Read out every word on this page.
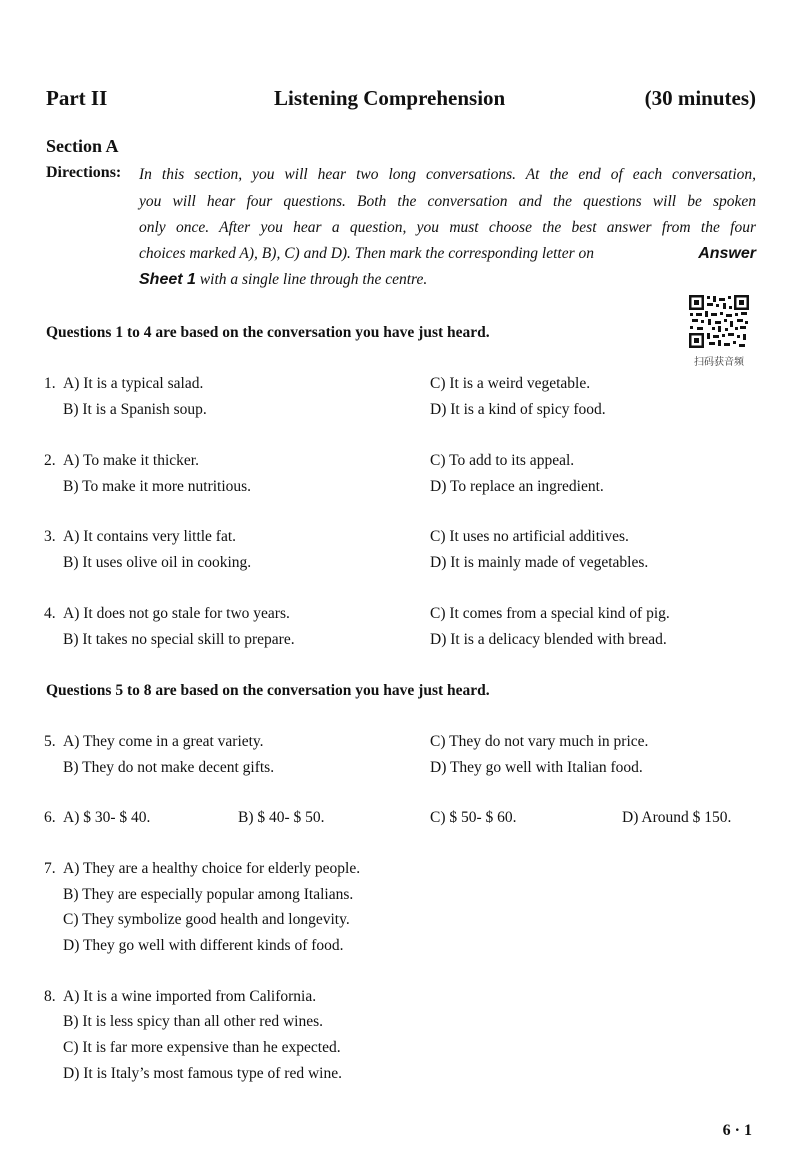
Part II	Listening Comprehension	(30 minutes)
Section A
Directions: In this section, you will hear two long conversations. At the end of each conversation,
you will hear four questions. Both the conversation and the questions will be spoken
only once. After you hear a question, you must choose the best answer from the four
choices marked A), B), C) and D). Then mark the corresponding letter on	Answer
Sheet 1 with a single line through the centre.
扫码获音频
Questions 1 to 4 are based on the conversation you have just heard.
1. A) It is a typical salad.
B) It is a Spanish soup.
C) It is a weird vegetable.
D) It is a kind of spicy food.
2. A) To make it thicker.
B) To make it more nutritious.
C) To add to its appeal.
D) To replace an ingredient.
3. A) It contains very little fat.
B) It uses olive oil in cooking.
C) It uses no artificial additives.
D) It is mainly made of vegetables.
4. A) It does not go stale for two years.
B) It takes no special skill to prepare.
C) It comes from a special kind of pig.
D) It is a delicacy blended with bread.
Questions 5 to 8 are based on the conversation you have just heard.
5. A) They come in a great variety.
B) They do not make decent gifts.
C) They do not vary much in price.
D) They go well with Italian food.
6. A) $ 30- $ 40.	B) $ 40- $ 50.	C) $ 50- $ 60.	D) Around $ 150.
7. A) They are a healthy choice for elderly people.
B) They are especially popular among Italians.
C) They symbolize good health and longevity.
D) They go well with different kinds of food.
8. A) It is a wine imported from California.
B) It is less spicy than all other red wines.
C) It is far more expensive than he expected.
D) It is Italy’s most famous type of red wine.
6 · 1
